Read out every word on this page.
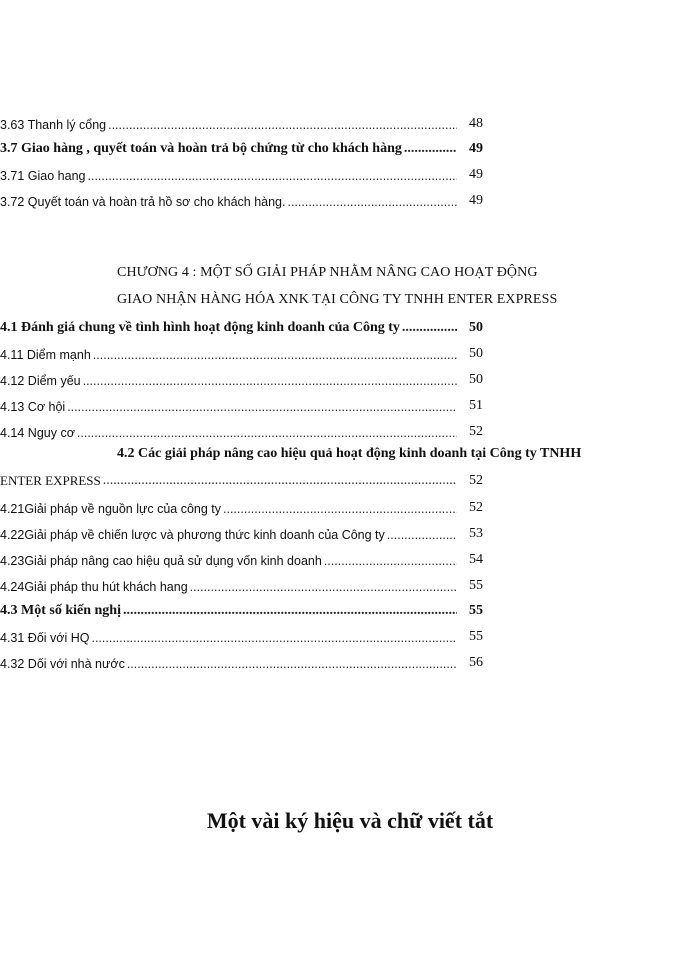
3.63 Thanh lý cổng .....	48
3.7 Giao hàng , quyết toán và hoàn trả bộ chứng từ cho khách hàng .....	49
3.71 Giao hang .....	49
3.72 Quyết toán và hoàn trả hồ sơ cho khách hàng. .....	49
CHƯƠNG 4 : MỘT SỐ GIẢI PHÁP NHẰM NÂNG CAO HOẠT ĐỘNG
GIAO NHẬN HÀNG HÓA XNK TẠI CÔNG TY TNHH ENTER EXPRESS
4.1 Đánh giá chung về tình hình hoạt động kinh doanh của Công ty .....	50
4.11 Diểm mạnh .....	50
4.12 Diểm yếu .....	50
4.13 Cơ hội .....	51
4.14 Nguy cơ .....	52
4.2 Các giải pháp nâng cao hiệu quả hoạt động kinh doanh tại Công ty TNHH
ENTER EXPRESS .....	52
4.21Giải pháp về nguồn lực của công ty .....	52
4.22Giải pháp về chiến lược và phương thức kinh doanh của Công ty .....	53
4.23Giải pháp nâng cao hiệu quả sử dụng vốn kinh doanh .....	54
4.24Giải pháp thu hút khách hang .....	55
4.3 Một số kiến nghị .....	55
4.31 Đối với HQ .....	55
4.32 Dối với nhà nước .....	56
Một vài ký hiệu và chữ viết tắt
